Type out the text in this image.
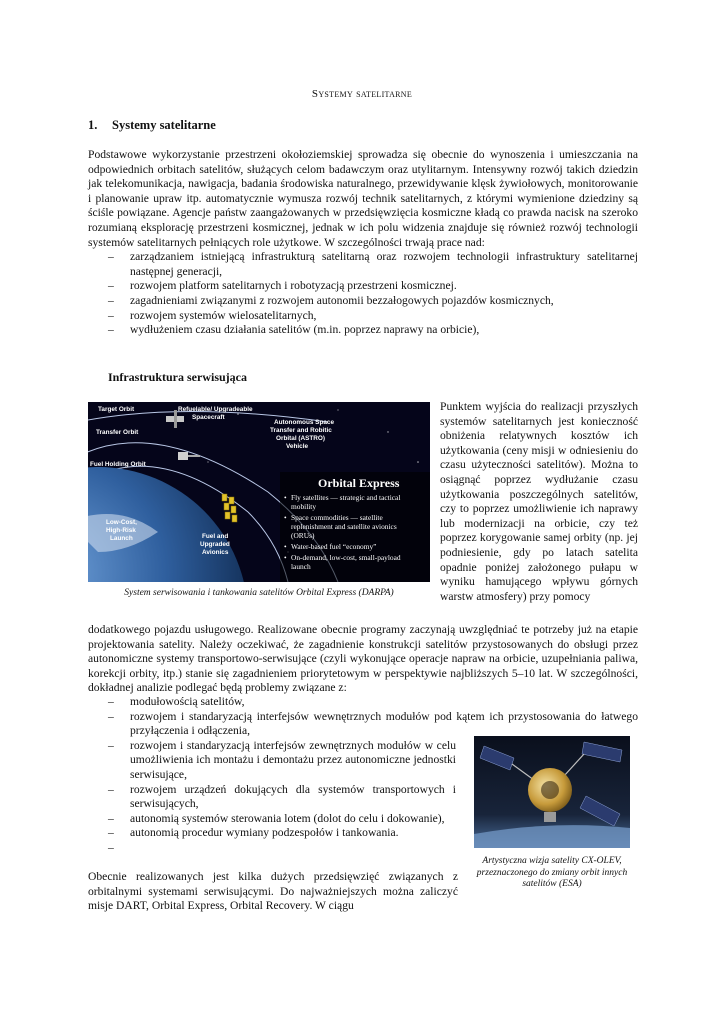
Systemy satelitarne
1. Systemy satelitarne
Podstawowe wykorzystanie przestrzeni okołoziemskiej sprowadza się obecnie do wynoszenia i umieszczania na odpowiednich orbitach satelitów, służących celom badawczym oraz utylitarnym. Intensywny rozwój takich dziedzin jak telekomunikacja, nawigacja, badania środowiska naturalnego, przewidywanie klęsk żywiołowych, monitorowanie i planowanie upraw itp. automatycznie wymusza rozwój technik satelitarnych, z którymi wymienione dziedziny są ściśle powiązane. Agencje państw zaangażowanych w przedsięwzięcia kosmiczne kładą co prawda nacisk na szeroko rozumianą eksplorację przestrzeni kosmicznej, jednak w ich polu widzenia znajduje się również rozwój technologii systemów satelitarnych pełniących role użytkowe. W szczególności trwają prace nad:
– zarządzaniem istniejącą infrastrukturą satelitarną oraz rozwojem technologii infrastruktury satelitarnej następnej generacji,
– rozwojem platform satelitarnych i robotyzacją przestrzeni kosmicznej.
– zagadnieniami związanymi z rozwojem autonomii bezzałogowych pojazdów kosmicznych,
– rozwojem systemów wielosatelitarnych,
– wydłużeniem czasu działania satelitów (m.in. poprzez naprawy na orbicie),
Infrastruktura serwisująca
Target Orbit
Transfer Orbit
Fuel Holding Orbit
Refuelable/ Upgradeable
Spacecraft
Autonomous Space
Transfer and Robitic
Orbital (ASTRO)
Vehicle
Low-Cost,
High-Risk
Launch	Fuel and
Upgraded
Avionics
Orbital Express
• Fly satellites — strategic and tactical
mobility
• Space commodities — satellite
replenishment and satellite avionics
(ORUs)
• Water-based fuel “economy”
• On-demand, low-cost, small-payload
launch
System serwisowania i tankowania satelitów Orbital Express (DARPA)
Punktem wyjścia do realizacji przyszłych systemów satelitarnych jest konieczność obniżenia relatywnych kosztów ich użytkowania (ceny misji w odniesieniu do czasu użyteczności satelitów). Można to osiągnąć poprzez wydłużanie czasu użytkowania poszczególnych satelitów, czy to poprzez umożliwienie ich naprawy lub modernizacji na orbicie, czy też poprzez korygowanie samej orbity (np. jej podniesienie, gdy po latach satelita opadnie poniżej założonego pułapu w wyniku hamującego wpływu górnych warstw atmosfery) przy pomocy
dodatkowego pojazdu usługowego. Realizowane obecnie programy zaczynają uwzględniać te potrzeby już na etapie projektowania satelity. Należy oczekiwać, że zagadnienie konstrukcji satelitów przystosowanych do obsługi przez autonomiczne systemy transportowo-serwisujące (czyli wykonujące operacje napraw na orbicie, uzupełniania paliwa, korekcji orbity, itp.) stanie się zagadnieniem priorytetowym w perspektywie najbliższych 5–10 lat. W szczególności, dokładnej analizie podlegać będą problemy związane z:
– modułowością satelitów,
– rozwojem i standaryzacją interfejsów wewnętrznych modułów pod kątem ich przystosowania do łatwego przyłączenia i odłączenia,
– rozwojem i standaryzacją interfejsów zewnętrznych modułów w celu umożliwienia ich montażu i demontażu przez autonomiczne jednostki serwisujące,
– rozwojem urządzeń dokujących dla systemów transportowych i serwisujących,
– autonomią systemów sterowania lotem (dolot do celu i dokowanie),
– autonomią procedur wymiany podzespołów i tankowania.
–
Artystyczna wizja satelity CX-OLEV, przeznaczonego do zmiany orbit innych satelitów (ESA)
Obecnie realizowanych jest kilka dużych przedsięwzięć związanych z orbitalnymi systemami serwisującymi. Do najważniejszych można zaliczyć misje DART, Orbital Express, Orbital Recovery. W ciągu
